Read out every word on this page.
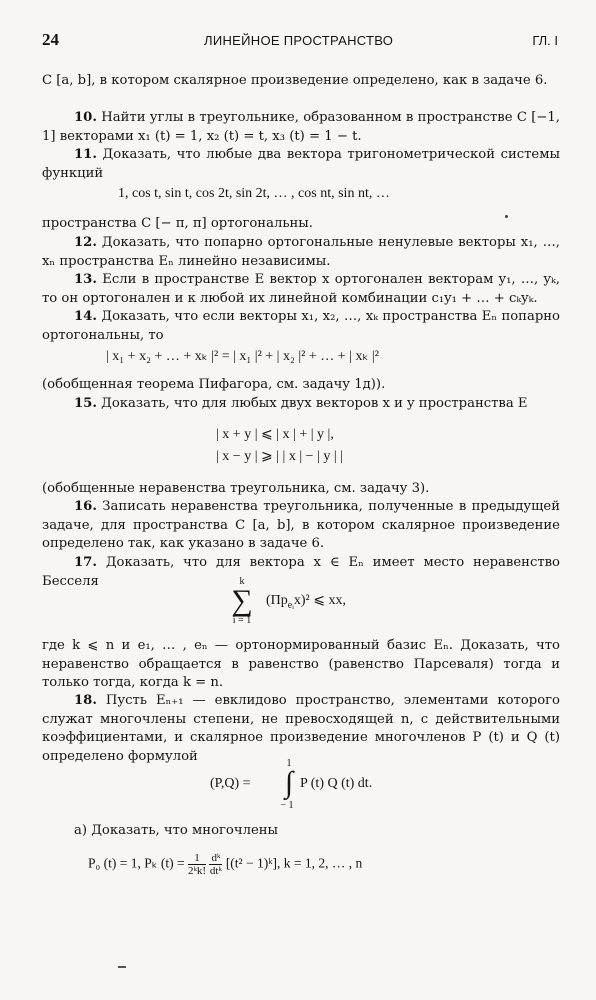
24	ЛИНЕЙНОЕ ПРОСТРАНСТВО	ГЛ. I

C [a, b], в котором скалярное произведение определено, как в задаче 6.

10. Найти углы в треугольнике, образованном в пространстве C [−1, 1] векторами x₁ (t) = 1, x₂ (t) = t, x₃ (t) = 1 − t.

11. Доказать, что любые два вектора тригонометрической системы функций

1, cos t, sin t, cos 2t, sin 2t, … , cos nt, sin nt, …

пространства C [− π, π] ортогональны.

12. Доказать, что попарно ортогональные ненулевые векторы x₁, …, xₙ пространства Eₙ линейно независимы.

13. Если в пространстве E вектор x ортогонален векторам y₁, …, yₖ, то он ортогонален и к любой их линейной комбинации c₁y₁ + … + cₖyₖ.

14. Доказать, что если векторы x₁, x₂, …, xₖ пространства Eₙ попарно ортогональны, то

| x₁ + x₂ + … + xₖ |² = | x₁ |² + | x₂ |² + … + | xₖ |²

(обобщенная теорема Пифагора, см. задачу 1д)).

15. Доказать, что для любых двух векторов x и y пространства E

| x + y | ⩽ | x | + | y |,
| x − y | ⩾ | | x | − | y | |

(обобщенные неравенства треугольника, см. задачу 3).

16. Записать неравенства треугольника, полученные в предыдущей задаче, для пространства C [a, b], в котором скалярное произведение определено так, как указано в задаче 6.

17. Доказать, что для вектора x ∈ Eₙ имеет место неравенство Бесселя	k
∑
i = 1
$(Пр_{eᵢ}x)^2$ ⩽ xx,

где k ⩽ n и e₁, … , eₙ — ортонормированный базис Eₙ. Доказать, что неравенство обращается в равенство (равенство Парсеваля) тогда и только тогда, когда k = n.

18. Пусть Eₙ₊₁ — евклидово пространство, элементами которого служат многочлены степени, не превосходящей n, с действительными коэффициентами, и скалярное произведение многочленов P (t) и Q (t) определено формулой

(P,Q) =
1
∫
− 1
P (t) Q (t) dt.

а) Доказать, что многочлены

P₀ (t) = 1, Pₖ $(t) = \frac{1}{\text{2ᵏk!}}$
$\frac{\text{dᵏ}}{\text{dtᵏ}} [(t^2$ − 1)ᵏ], k = 1, 2, … , n
